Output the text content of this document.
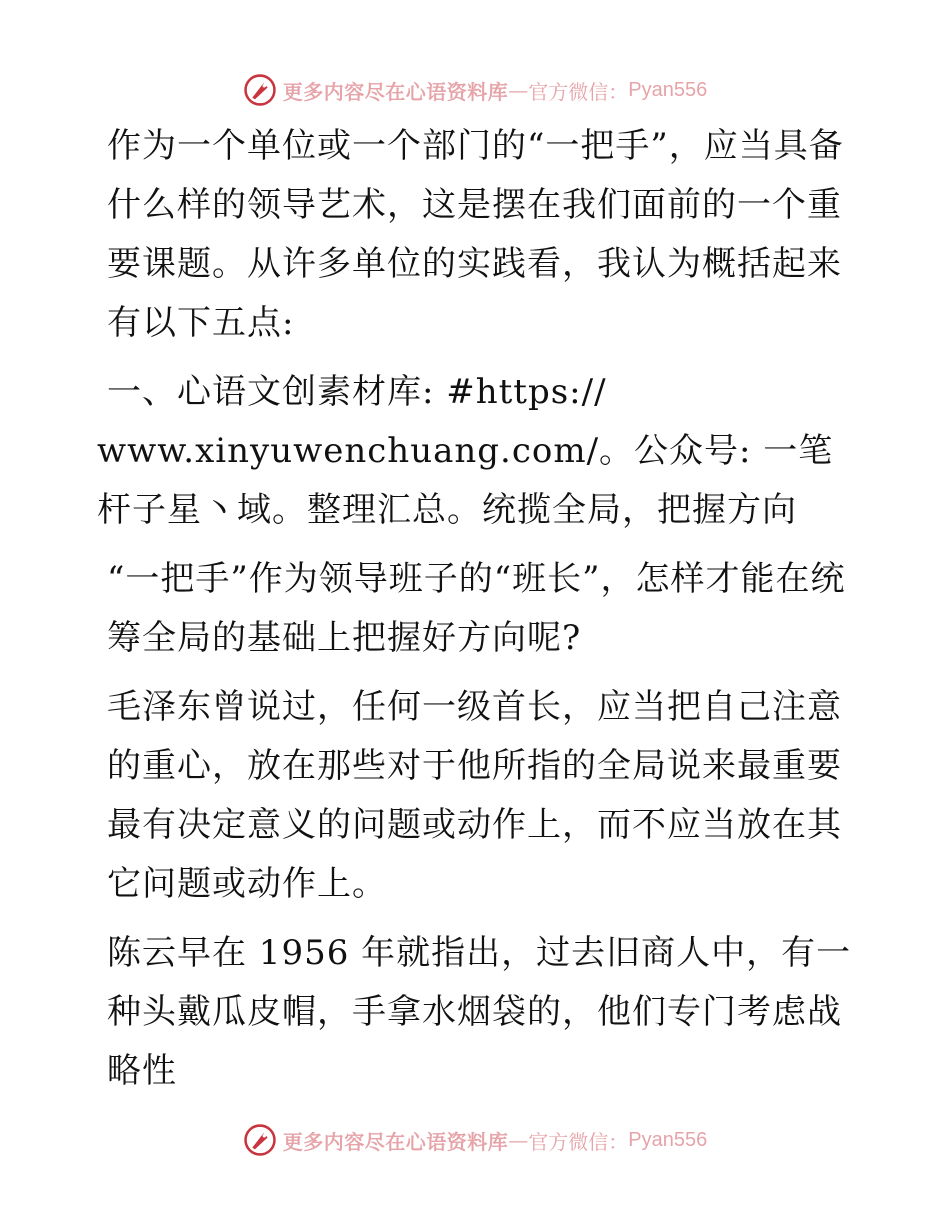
更多内容尽在心语资料库 — 官方微信： Pyan556

作为一个单位或一个部门的“一把手”，应当具备什么样的领导艺术，这是摆在我们面前的一个重要课题。从许多单位的实践看，我认为概括起来有以下五点:

一、心语文创素材库: #https://

www.xinyuwenchuang.com/。公众号: 一笔杆子星丶域。整理汇总。统揽全局，把握方向

“一把手”作为领导班子的“班长”，怎样才能在统筹全局的基础上把握好方向呢?

毛泽东曾说过，任何一级首长，应当把自己注意的重心，放在那些对于他所指的全局说来最重要最有决定意义的问题或动作上，而不应当放在其它问题或动作上。

陈云早在 1956 年就指出，过去旧商人中，有一种头戴瓜皮帽，手拿水烟袋的，他们专门考虑战略性

更多内容尽在心语资料库 — 官方微信： Pyan556
